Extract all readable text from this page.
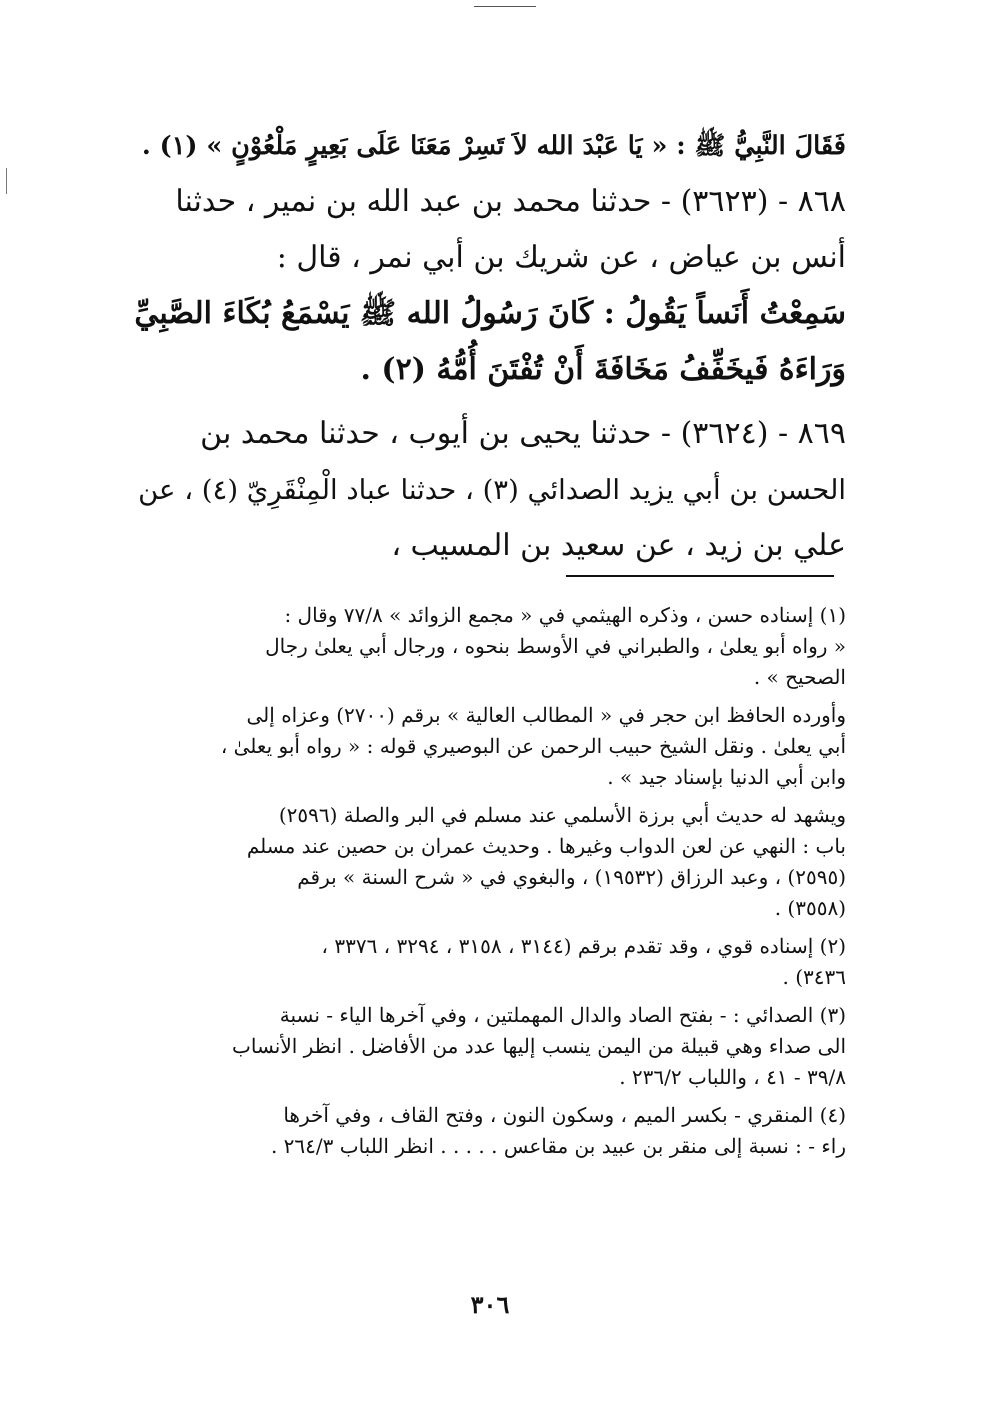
فَقَالَ النَّبِيُّ ﷺ : « يَا عَبْدَ الله لاَ تَسِرْ مَعَنَا عَلَى بَعِيرٍ مَلْعُوْنٍ » (١) .
٨٦٨ - (٣٦٢٣) - حدثنا محمد بن عبد الله بن نمير ، حدثنا
أنس بن عياض ، عن شريك بن أبي نمر ، قال :
سَمِعْتُ أَنَساً يَقُولُ : كَانَ رَسُولُ الله ﷺ يَسْمَعُ بُكَاءَ الصَّبِيِّ
وَرَاءَهُ فَيخَفِّفُ مَخَافَةَ أَنْ تُفْتَنَ أُمُّهُ (٢) .
٨٦٩ - (٣٦٢٤) - حدثنا يحيى بن أيوب ، حدثنا محمد بن
الحسن بن أبي يزيد الصدائي (٣) ، حدثنا عباد الْمِنْقَرِيّ (٤) ، عن
علي بن زيد ، عن سعيد بن المسيب ،
(١) إسناده حسن ، وذكره الهيثمي في « مجمع الزوائد » ٧٧/٨ وقال :
« رواه أبو يعلىٰ ، والطبراني في الأوسط بنحوه ، ورجال أبي يعلىٰ رجال
الصحيح » .
وأورده الحافظ ابن حجر في « المطالب العالية » برقم (٢٧٠٠) وعزاه إلى
أبي يعلىٰ . ونقل الشيخ حبيب الرحمن عن البوصيري قوله : « رواه أبو يعلىٰ ،
وابن أبي الدنيا بإسناد جيد » .
ويشهد له حديث أبي برزة الأسلمي عند مسلم في البر والصلة (٢٥٩٦)
باب : النهي عن لعن الدواب وغيرها . وحديث عمران بن حصين عند مسلم
(٢٥٩٥) ، وعبد الرزاق (١٩٥٣٢) ، والبغوي في « شرح السنة » برقم
(٣٥٥٨) .
(٢) إسناده قوي ، وقد تقدم برقم (٣١٤٤ ، ٣١٥٨ ، ٣٢٩٤ ، ٣٣٧٦ ،
٣٤٣٦) .
(٣) الصدائي : - بفتح الصاد والدال المهملتين ، وفي آخرها الياء - نسبة
الى صداء وهي قبيلة من اليمن ينسب إليها عدد من الأفاضل . انظر الأنساب
٣٩/٨ - ٤١ ، واللباب ٢٣٦/٢ .
(٤) المنقري - بكسر الميم ، وسكون النون ، وفتح القاف ، وفي آخرها
راء - : نسبة إلى منقر بن عبيد بن مقاعس . . . . . انظر اللباب ٢٦٤/٣ .
٣٠٦
